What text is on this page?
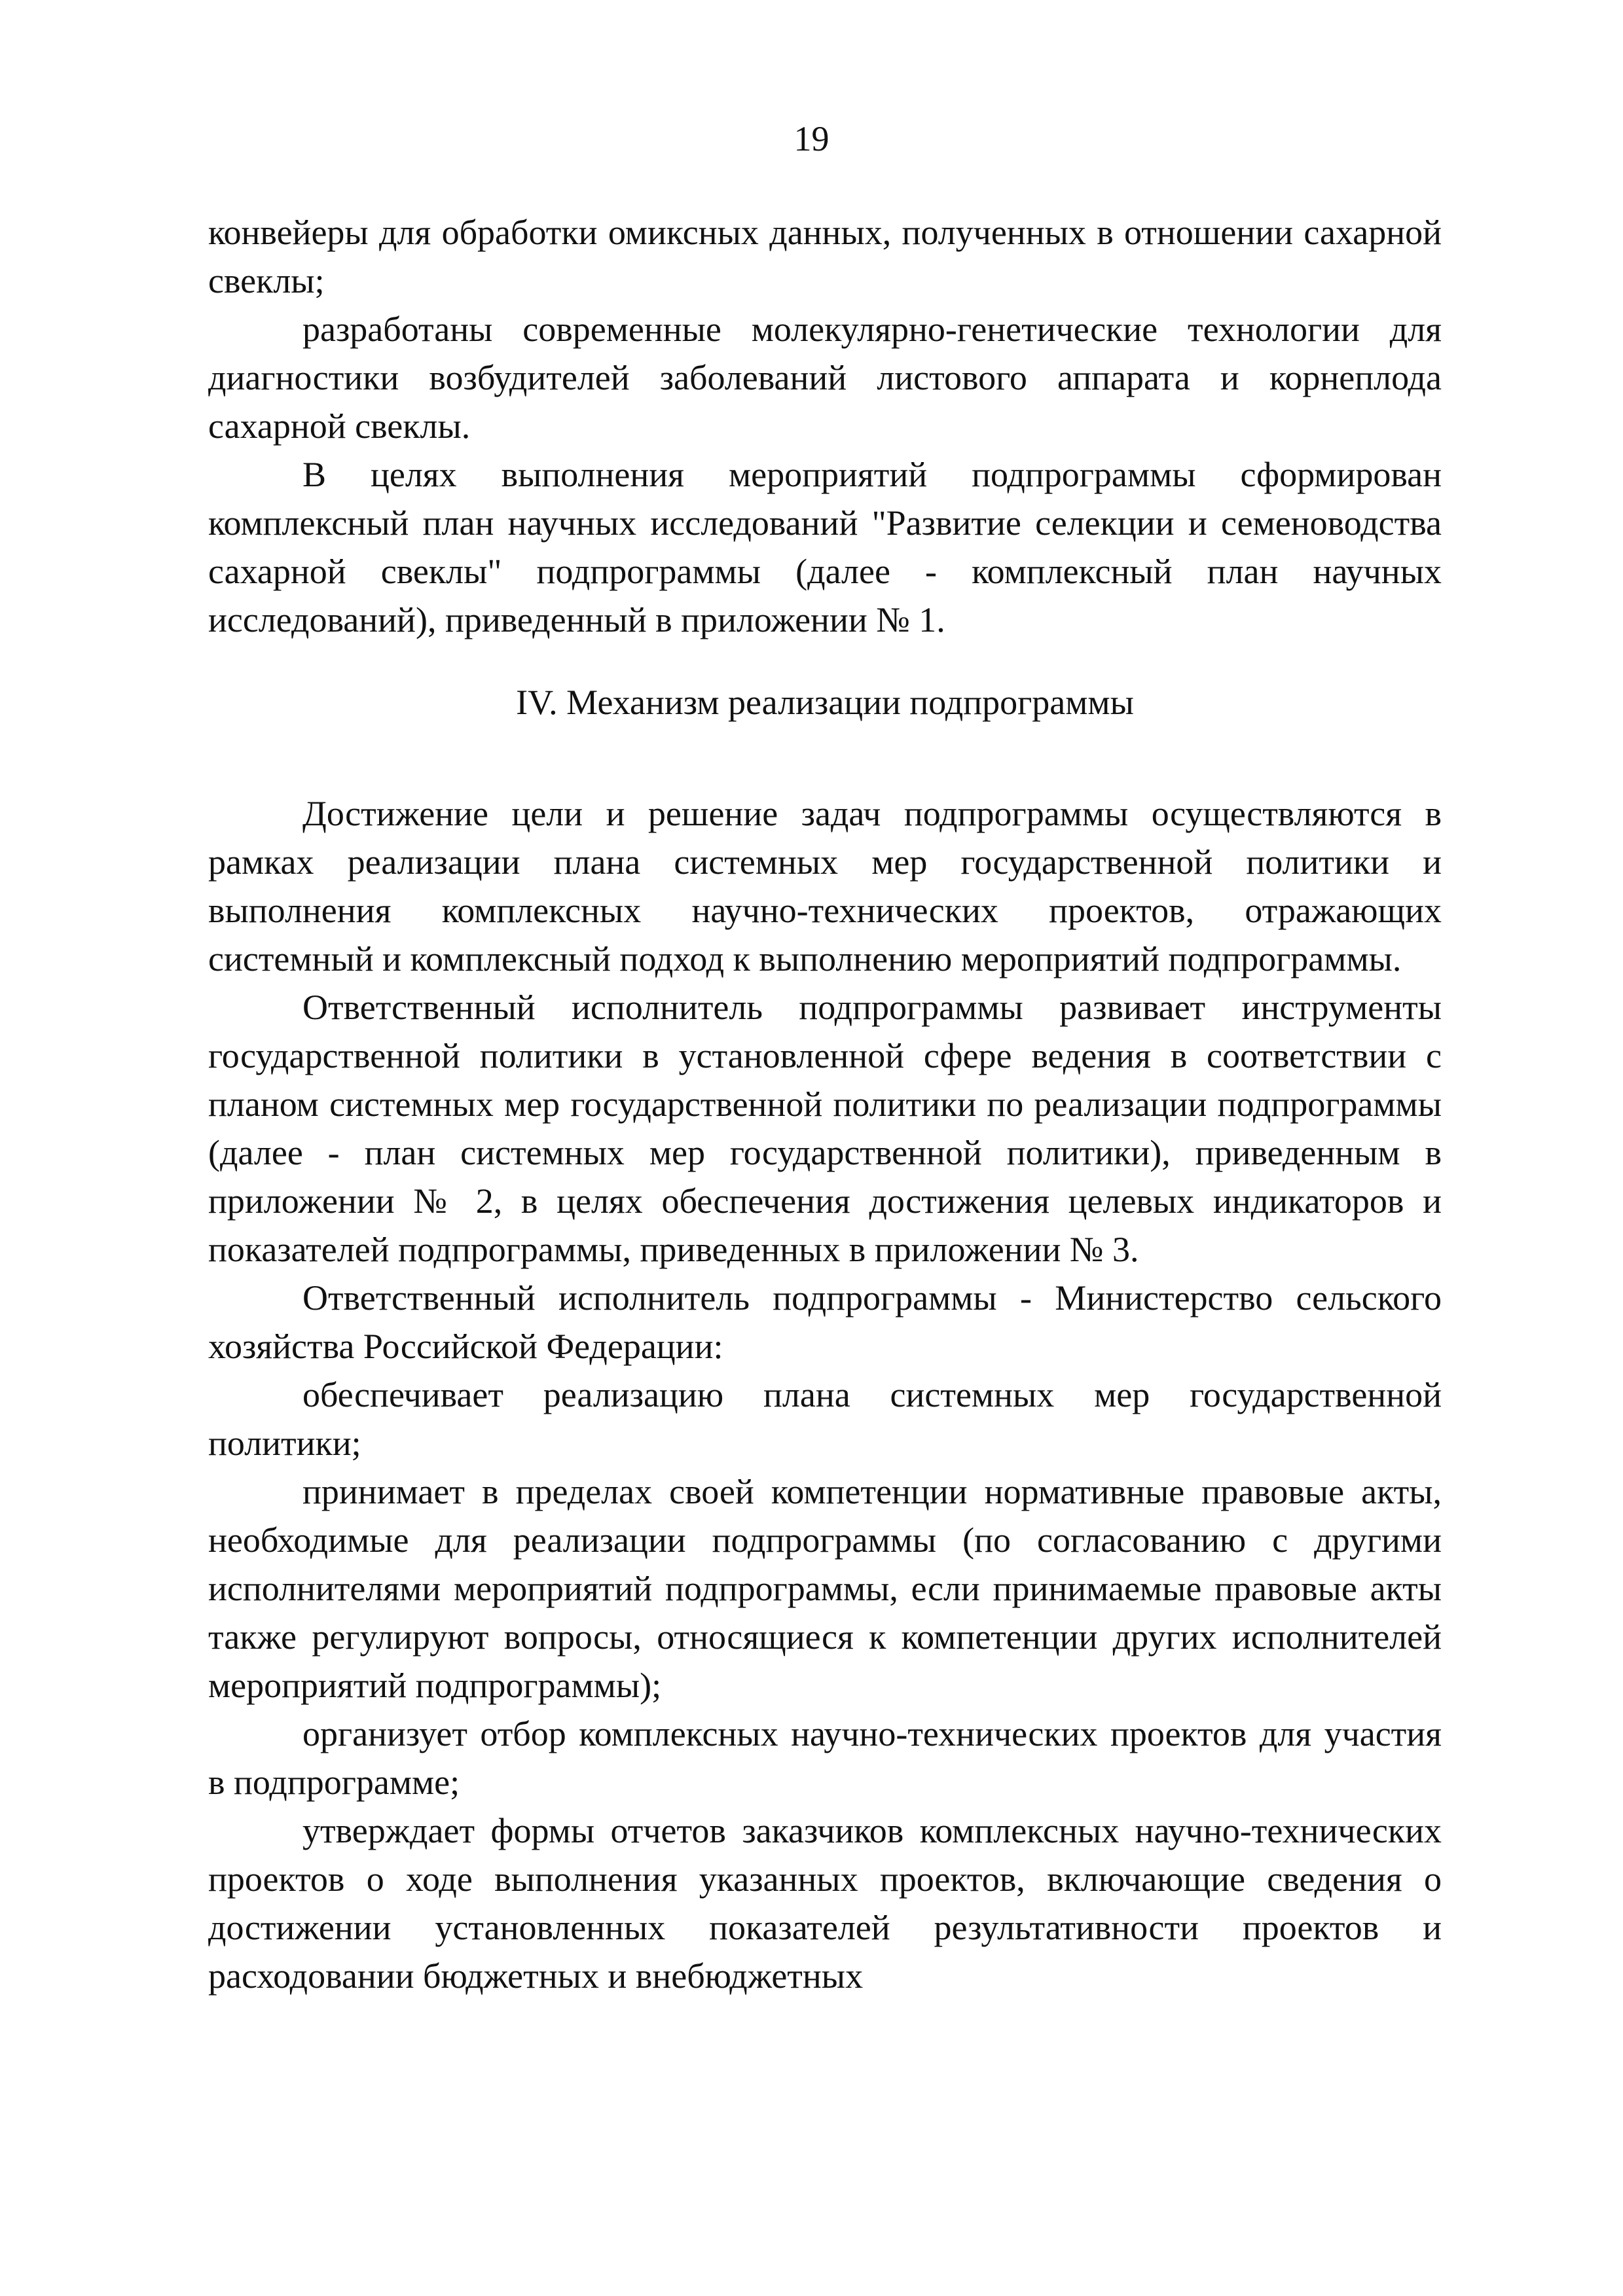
19

конвейеры для обработки омиксных данных, полученных в отношении сахарной свеклы;

разработаны современные молекулярно-генетические технологии для диагностики возбудителей заболеваний листового аппарата и корнеплода сахарной свеклы.

В целях выполнения мероприятий подпрограммы сформирован комплексный план научных исследований "Развитие селекции и семеноводства сахарной свеклы" подпрограммы (далее - комплексный план научных исследований), приведенный в приложении № 1.

IV. Механизм реализации подпрограммы

Достижение цели и решение задач подпрограммы осуществляются в рамках реализации плана системных мер государственной политики и выполнения комплексных научно-технических проектов, отражающих системный и комплексный подход к выполнению мероприятий подпрограммы.

Ответственный исполнитель подпрограммы развивает инструменты государственной политики в установленной сфере ведения в соответствии с планом системных мер государственной политики по реализации подпрограммы (далее - план системных мер государственной политики), приведенным в приложении № 2, в целях обеспечения достижения целевых индикаторов и показателей подпрограммы, приведенных в приложении № 3.

Ответственный исполнитель подпрограммы - Министерство сельского хозяйства Российской Федерации:

обеспечивает реализацию плана системных мер государственной политики;

принимает в пределах своей компетенции нормативные правовые акты, необходимые для реализации подпрограммы (по согласованию с другими исполнителями мероприятий подпрограммы, если принимаемые правовые акты также регулируют вопросы, относящиеся к компетенции других исполнителей мероприятий подпрограммы);

организует отбор комплексных научно-технических проектов для участия в подпрограмме;

утверждает формы отчетов заказчиков комплексных научно-технических проектов о ходе выполнения указанных проектов, включающие сведения о достижении установленных показателей результативности проектов и расходовании бюджетных и внебюджетных
